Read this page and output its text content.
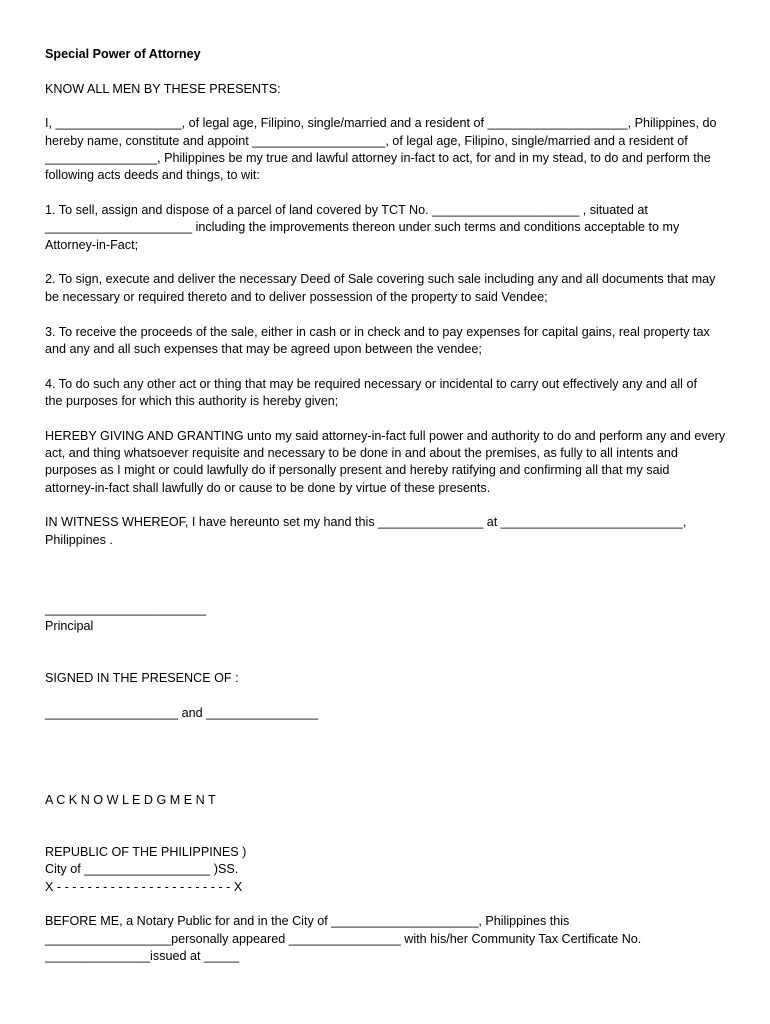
Special Power of Attorney
KNOW ALL MEN BY THESE PRESENTS:
I, __________________, of legal age, Filipino, single/married and a resident of ____________________, Philippines, do
hereby name, constitute and appoint ___________________, of legal age, Filipino, single/married and a resident of
________________, Philippines be my true and lawful attorney in-fact to act, for and in my stead, to do and perform the
following acts deeds and things, to wit:
1. To sell, assign and dispose of a parcel of land covered by TCT No. _____________________ , situated at
_____________________ including the improvements thereon under such terms and conditions acceptable to my
Attorney-in-Fact;
2. To sign, execute and deliver the necessary Deed of Sale covering such sale including any and all documents that may
be necessary or required thereto and to deliver possession of the property to said Vendee;
3. To receive the proceeds of the sale, either in cash or in check and to pay expenses for capital gains, real property tax
and any and all such expenses that may be agreed upon between the vendee;
4. To do such any other act or thing that may be required necessary or incidental to carry out effectively any and all of
the purposes for which this authority is hereby given;
HEREBY GIVING AND GRANTING unto my said attorney-in-fact full power and authority to do and perform any and every
act, and thing whatsoever requisite and necessary to be done in and about the premises, as fully to all intents and
purposes as I might or could lawfully do if personally present and hereby ratifying and confirming all that my said
attorney-in-fact shall lawfully do or cause to be done by virtue of these presents.
IN WITNESS WHEREOF, I have hereunto set my hand this _______________ at __________________________,
Philippines .
_______________________
Principal
SIGNED IN THE PRESENCE OF :
___________________ and ________________
A C K N O W L E D G M E N T
REPUBLIC OF THE PHILIPPINES )
City of __________________ )SS.
X - - - - - - - - - - - - - - - - - - - - - - - X
BEFORE ME, a Notary Public for and in the City of _____________________, Philippines this
__________________personally appeared ________________ with his/her Community Tax Certificate No.
_______________issued at _____
